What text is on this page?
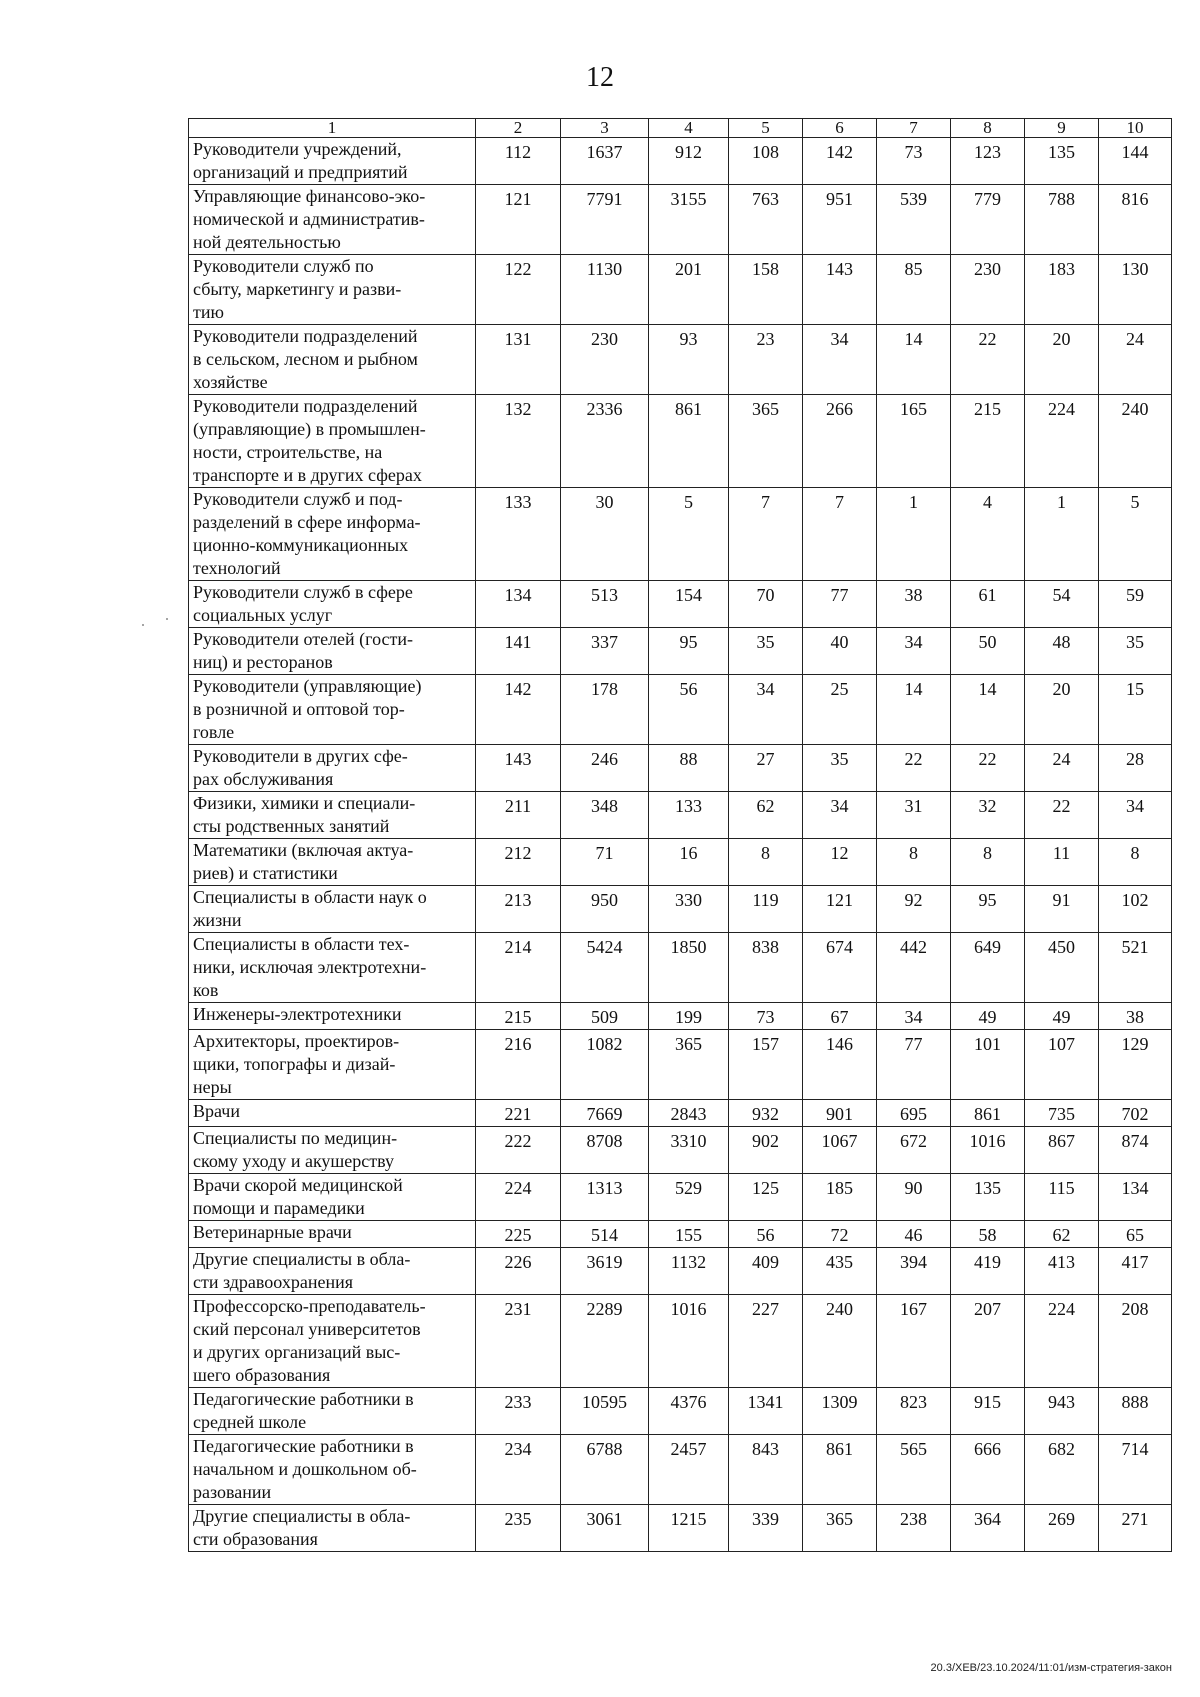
12
1	2	3	4	5	6	7	8	9	10

Руководители учреждений,
организаций и предприятий	112	1637	912	108	142	73	123	135	144

Управляющие финансово-эко-
номической и административ-
ной деятельностью	121	7791	3155	763	951	539	779	788	816

Руководители служб по
сбыту, маркетингу и разви-
тию	122	1130	201	158	143	85	230	183	130

Руководители подразделений
в сельском, лесном и рыбном
хозяйстве	131	230	93	23	34	14	22	20	24

Руководители подразделений
(управляющие) в промышлен-
ности, строительстве, на
транспорте и в других сферах	132	2336	861	365	266	165	215	224	240

Руководители служб и под-
разделений в сфере информа-
ционно-коммуникационных
технологий	133	30	5	7	7	1	4	1	5

Руководители служб в сфере
социальных услуг	134	513	154	70	77	38	61	54	59

Руководители отелей (гости-
ниц) и ресторанов	141	337	95	35	40	34	50	48	35

Руководители (управляющие)
в розничной и оптовой тор-
говле	142	178	56	34	25	14	14	20	15

Руководители в других сфе-
рах обслуживания	143	246	88	27	35	22	22	24	28

Физики, химики и специали-
сты родственных занятий	211	348	133	62	34	31	32	22	34

Математики (включая актуа-
риев) и статистики	212	71	16	8	12	8	8	11	8

Специалисты в области наук о
жизни	213	950	330	119	121	92	95	91	102

Специалисты в области тех-
ники, исключая электротехни-
ков	214	5424	1850	838	674	442	649	450	521

Инженеры-электротехники	215	509	199	73	67	34	49	49	38

Архитекторы, проектиров-
щики, топографы и дизай-
неры	216	1082	365	157	146	77	101	107	129

Врачи	221	7669	2843	932	901	695	861	735	702

Специалисты по медицин-
скому уходу и акушерству	222	8708	3310	902	1067	672	1016	867	874

Врачи скорой медицинской
помощи и парамедики	224	1313	529	125	185	90	135	115	134

Ветеринарные врачи	225	514	155	56	72	46	58	62	65

Другие специалисты в обла-
сти здравоохранения	226	3619	1132	409	435	394	419	413	417

Профессорско-преподаватель-
ский персонал университетов
и других организаций выс-
шего образования	231	2289	1016	227	240	167	207	224	208

Педагогические работники в
средней школе	233	10595	4376	1341	1309	823	915	943	888

Педагогические работники в
начальном и дошкольном об-
разовании	234	6788	2457	843	861	565	666	682	714

Другие специалисты в обла-
сти образования	235	3061	1215	339	365	238	364	269	271
20.3/ХЕВ/23.10.2024/11:01/изм-стратегия-закон
